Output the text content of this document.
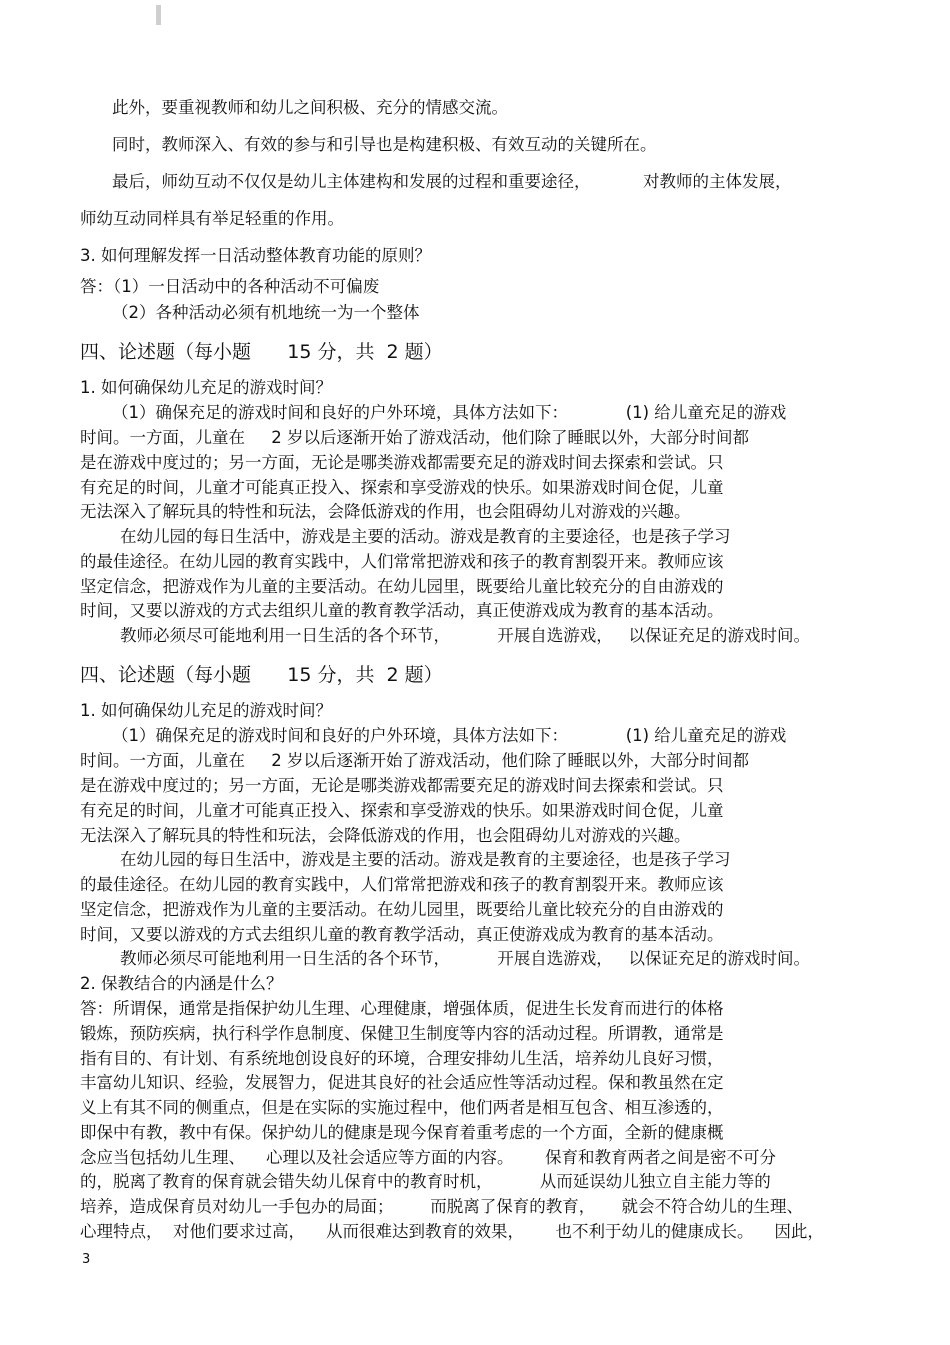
此外，要重视教师和幼儿之间积极、充分的情感交流。
同时，教师深入、有效的参与和引导也是构建积极、有效互动的关键所在。
最后，师幼互动不仅仅是幼儿主体建构和发展的过程和重要途径，          对教师的主体发展，
师幼互动同样具有举足轻重的作用。
3. 如何理解发挥一日活动整体教育功能的原则？
答：（1）一日活动中的各种活动不可偏废
（2）各种活动必须有机地统一为一个整体
四、论述题（每小题      15 分，共  2 题）
1. 如何确保幼儿充足的游戏时间？
（1）确保充足的游戏时间和良好的户外环境，具体方法如下：           (1) 给儿童充足的游戏
时间。一方面，儿童在     2 岁以后逐渐开始了游戏活动，他们除了睡眠以外，大部分时间都
是在游戏中度过的；另一方面，无论是哪类游戏都需要充足的游戏时间去探索和尝试。只
有充足的时间，儿童才可能真正投入、探索和享受游戏的快乐。如果游戏时间仓促，儿童
无法深入了解玩具的特性和玩法，会降低游戏的作用，也会阻碍幼儿对游戏的兴趣。
在幼儿园的每日生活中，游戏是主要的活动。游戏是教育的主要途径，也是孩子学习
的最佳途径。在幼儿园的教育实践中，人们常常把游戏和孩子的教育割裂开来。教师应该
坚定信念，把游戏作为儿童的主要活动。在幼儿园里，既要给儿童比较充分的自由游戏的
时间，又要以游戏的方式去组织儿童的教育教学活动，真正使游戏成为教育的基本活动。
教师必须尽可能地利用一日生活的各个环节，         开展自选游戏，   以保证充足的游戏时间。
四、论述题（每小题      15 分，共  2 题）
1. 如何确保幼儿充足的游戏时间？
（1）确保充足的游戏时间和良好的户外环境，具体方法如下：           (1) 给儿童充足的游戏
时间。一方面，儿童在     2 岁以后逐渐开始了游戏活动，他们除了睡眠以外，大部分时间都
是在游戏中度过的；另一方面，无论是哪类游戏都需要充足的游戏时间去探索和尝试。只
有充足的时间，儿童才可能真正投入、探索和享受游戏的快乐。如果游戏时间仓促，儿童
无法深入了解玩具的特性和玩法，会降低游戏的作用，也会阻碍幼儿对游戏的兴趣。
在幼儿园的每日生活中，游戏是主要的活动。游戏是教育的主要途径，也是孩子学习
的最佳途径。在幼儿园的教育实践中，人们常常把游戏和孩子的教育割裂开来。教师应该
坚定信念，把游戏作为儿童的主要活动。在幼儿园里，既要给儿童比较充分的自由游戏的
时间，又要以游戏的方式去组织儿童的教育教学活动，真正使游戏成为教育的基本活动。
教师必须尽可能地利用一日生活的各个环节，         开展自选游戏，   以保证充足的游戏时间。
2. 保教结合的内涵是什么？
答：所谓保，通常是指保护幼儿生理、心理健康，增强体质，促进生长发育而进行的体格
锻炼，预防疾病，执行科学作息制度、保健卫生制度等内容的活动过程。所谓教，通常是
指有目的、有计划、有系统地创设良好的环境，合理安排幼儿生活，培养幼儿良好习惯，
丰富幼儿知识、经验，发展智力，促进其良好的社会适应性等活动过程。保和教虽然在定
义上有其不同的侧重点，但是在实际的实施过程中，他们两者是相互包含、相互渗透的，
即保中有教，教中有保。保护幼儿的健康是现今保育着重考虑的一个方面，全新的健康概
念应当包括幼儿生理、    心理以及社会适应等方面的内容。      保育和教育两者之间是密不可分
的，脱离了教育的保育就会错失幼儿保育中的教育时机，         从而延误幼儿独立自主能力等的
培养，造成保育员对幼儿一手包办的局面；       而脱离了保育的教育，     就会不符合幼儿的生理、
心理特点，  对他们要求过高，    从而很难达到教育的效果，      也不利于幼儿的健康成长。    因此，
3
